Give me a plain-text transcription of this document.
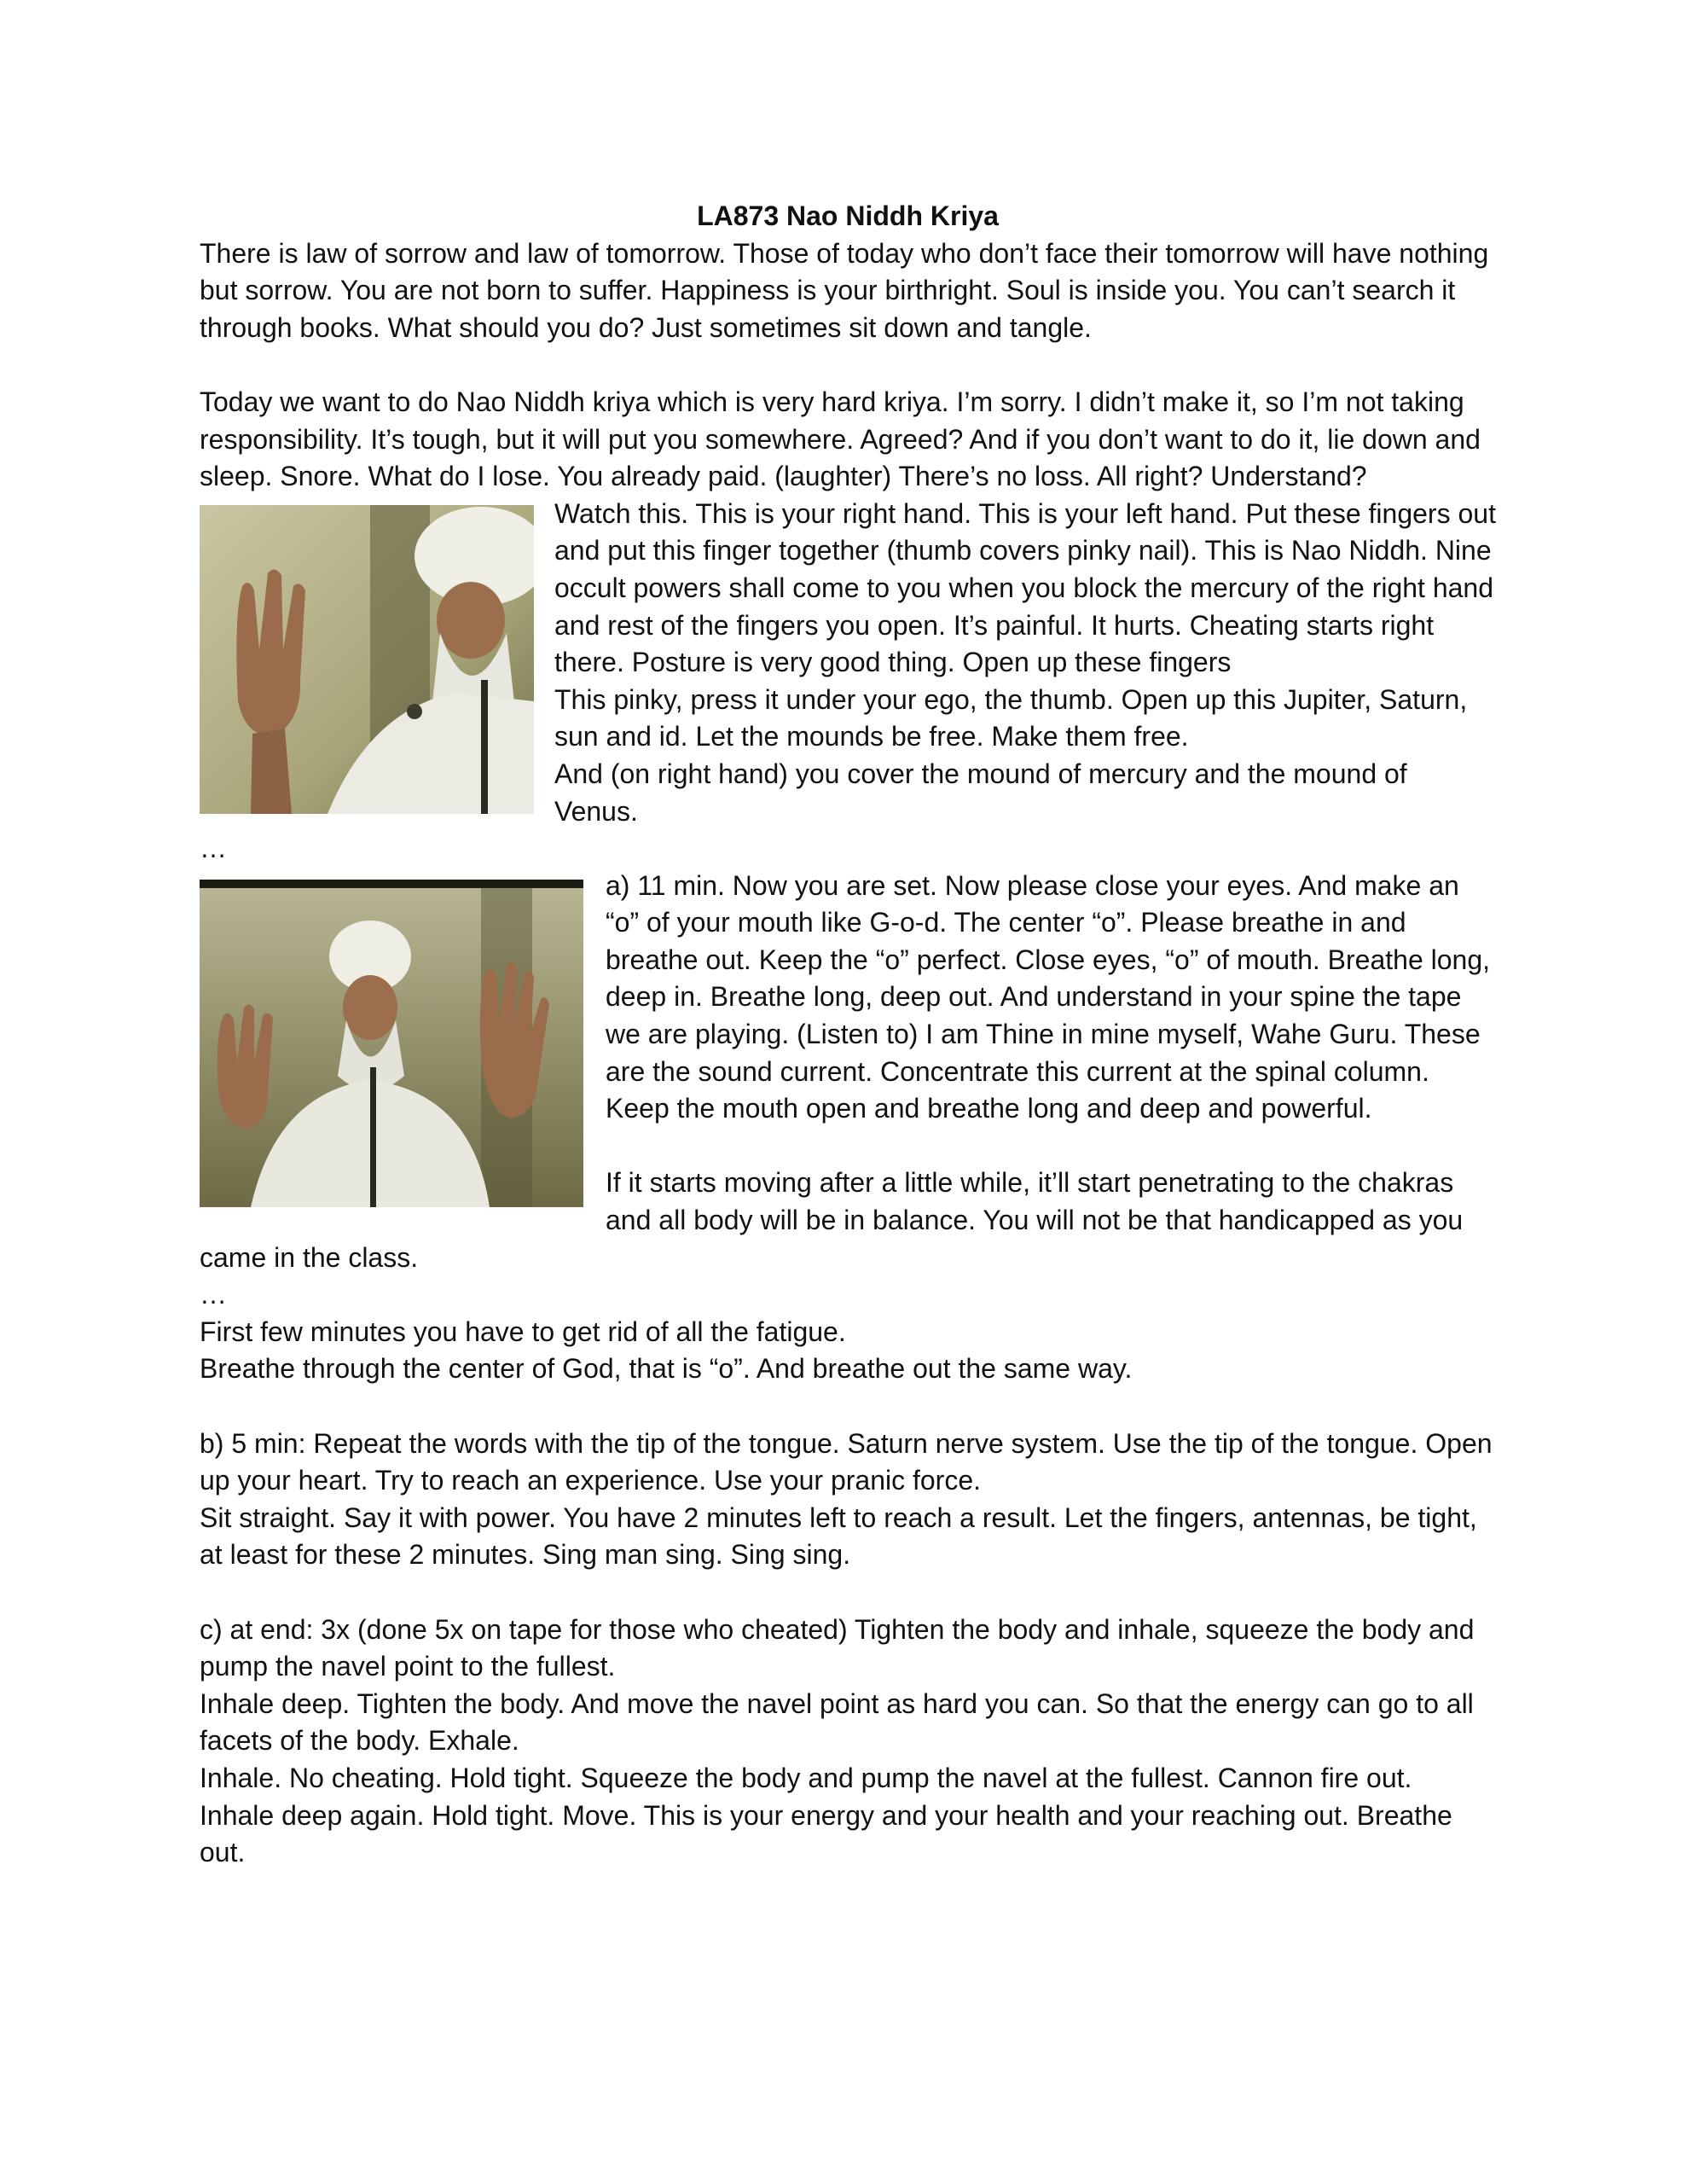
LA873 Nao Niddh Kriya

There is law of sorrow and law of tomorrow. Those of today who don’t face their tomorrow will have nothing but sorrow. You are not born to suffer. Happiness is your birthright. Soul is inside you. You can’t search it through books. What should you do? Just sometimes sit down and tangle.

Today we want to do Nao Niddh kriya which is very hard kriya. I’m sorry. I didn’t make it, so I’m not taking responsibility. It’s tough, but it will put you somewhere. Agreed? And if you don’t want to do it, lie down and sleep. Snore. What do I lose. You already paid. (laughter) There’s no loss. All right? Understand?

Watch this. This is your right hand. This is your left hand. Put these fingers out and put this finger together (thumb covers pinky nail). This is Nao Niddh. Nine occult powers shall come to you when you block the mercury of the right hand and rest of the fingers you open. It’s painful. It hurts. Cheating starts right there. Posture is very good thing. Open up these fingers

This pinky, press it under your ego, the thumb. Open up this Jupiter, Saturn, sun and id. Let the mounds be free. Make them free.

And (on right hand) you cover the mound of mercury and the mound of Venus.

…

a) 11 min. Now you are set. Now please close your eyes. And make an “o” of your mouth like G-o-d. The center “o”. Please breathe in and breathe out. Keep the “o” perfect. Close eyes, “o” of mouth. Breathe long, deep in. Breathe long, deep out. And understand in your spine the tape we are playing. (Listen to) I am Thine in mine myself, Wahe Guru. These are the sound current. Concentrate this current at the spinal column. Keep the mouth open and breathe long and deep and powerful.

If it starts moving after a little while, it’ll start penetrating to the chakras and all body will be in balance. You will not be that handicapped as you came in the class.

…

First few minutes you have to get rid of all the fatigue.

Breathe through the center of God, that is “o”. And breathe out the same way.

b) 5 min: Repeat the words with the tip of the tongue. Saturn nerve system. Use the tip of the tongue. Open up your heart. Try to reach an experience. Use your pranic force.

Sit straight. Say it with power. You have 2 minutes left to reach a result. Let the fingers, antennas, be tight, at least for these 2 minutes. Sing man sing. Sing sing.

c) at end: 3x (done 5x on tape for those who cheated) Tighten the body and inhale, squeeze the body and pump the navel point to the fullest.

Inhale deep. Tighten the body. And move the navel point as hard you can. So that the energy can go to all facets of the body. Exhale.

Inhale. No cheating. Hold tight. Squeeze the body and pump the navel at the fullest. Cannon fire out.

Inhale deep again. Hold tight. Move. This is your energy and your health and your reaching out. Breathe out.
